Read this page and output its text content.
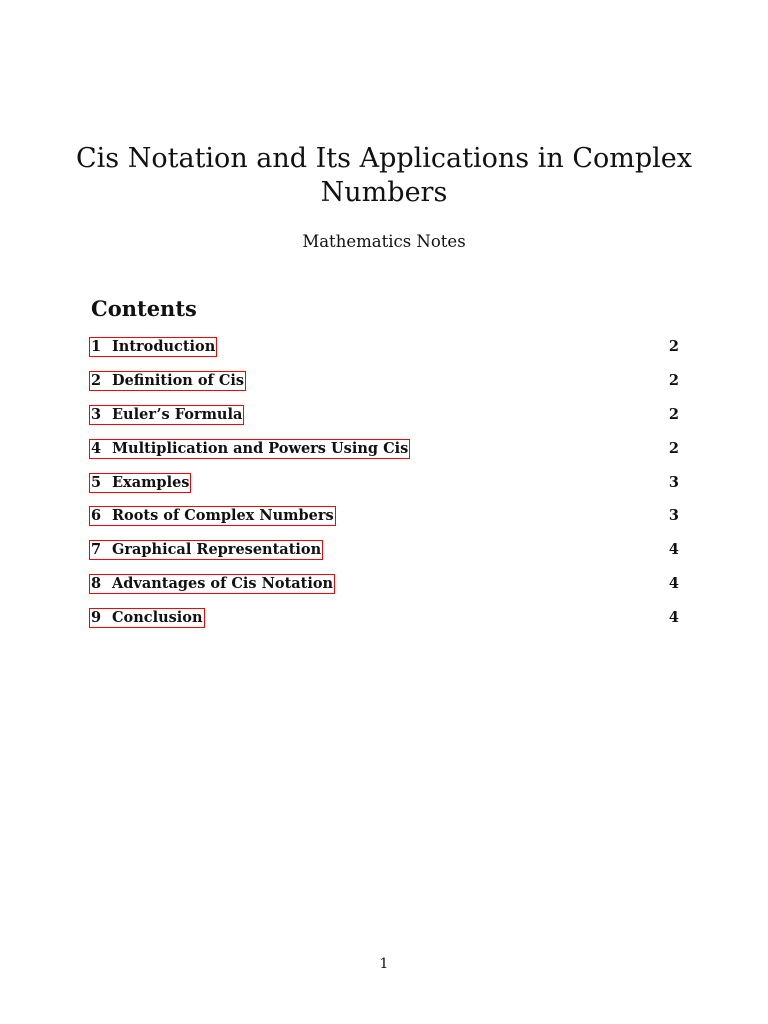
Cis Notation and Its Applications in Complex Numbers
Mathematics Notes
Contents
1 Introduction	2
2 Definition of Cis	2
3 Euler’s Formula	2
4 Multiplication and Powers Using Cis	2
5 Examples	3
6 Roots of Complex Numbers	3
7 Graphical Representation	4
8 Advantages of Cis Notation	4
9 Conclusion	4
1
